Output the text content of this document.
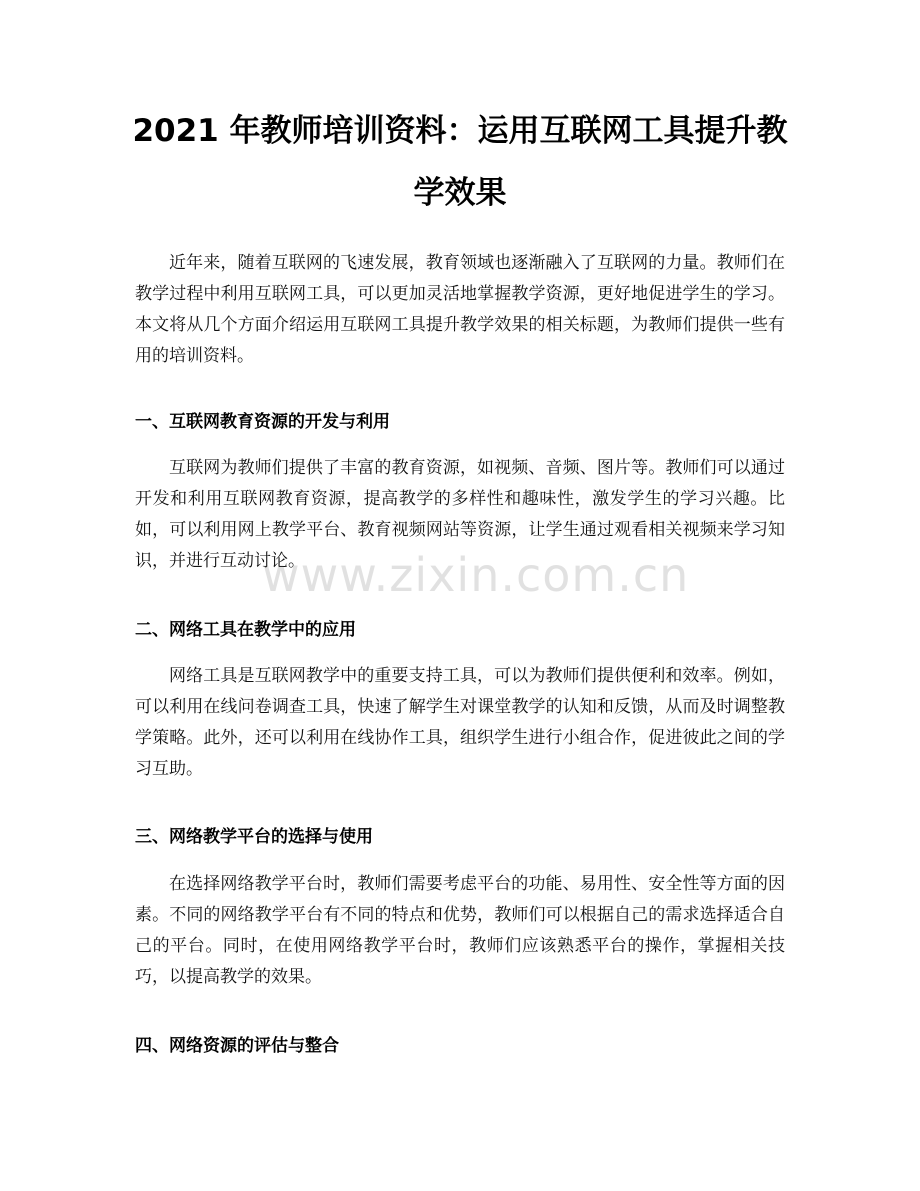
2021 年教师培训资料：运用互联网工具提升教学效果

近年来，随着互联网的飞速发展，教育领域也逐渐融入了互联网的力量。教师们在教学过程中利用互联网工具，可以更加灵活地掌握教学资源，更好地促进学生的学习。本文将从几个方面介绍运用互联网工具提升教学效果的相关标题，为教师们提供一些有用的培训资料。

一、互联网教育资源的开发与利用

互联网为教师们提供了丰富的教育资源，如视频、音频、图片等。教师们可以通过开发和利用互联网教育资源，提高教学的多样性和趣味性，激发学生的学习兴趣。比如，可以利用网上教学平台、教育视频网站等资源，让学生通过观看相关视频来学习知识，并进行互动讨论。

二、网络工具在教学中的应用

网络工具是互联网教学中的重要支持工具，可以为教师们提供便利和效率。例如，可以利用在线问卷调查工具，快速了解学生对课堂教学的认知和反馈，从而及时调整教学策略。此外，还可以利用在线协作工具，组织学生进行小组合作，促进彼此之间的学习互助。

三、网络教学平台的选择与使用

在选择网络教学平台时，教师们需要考虑平台的功能、易用性、安全性等方面的因素。不同的网络教学平台有不同的特点和优势，教师们可以根据自己的需求选择适合自己的平台。同时，在使用网络教学平台时，教师们应该熟悉平台的操作，掌握相关技巧，以提高教学的效果。

四、网络资源的评估与整合
www.zixin.com.cn
